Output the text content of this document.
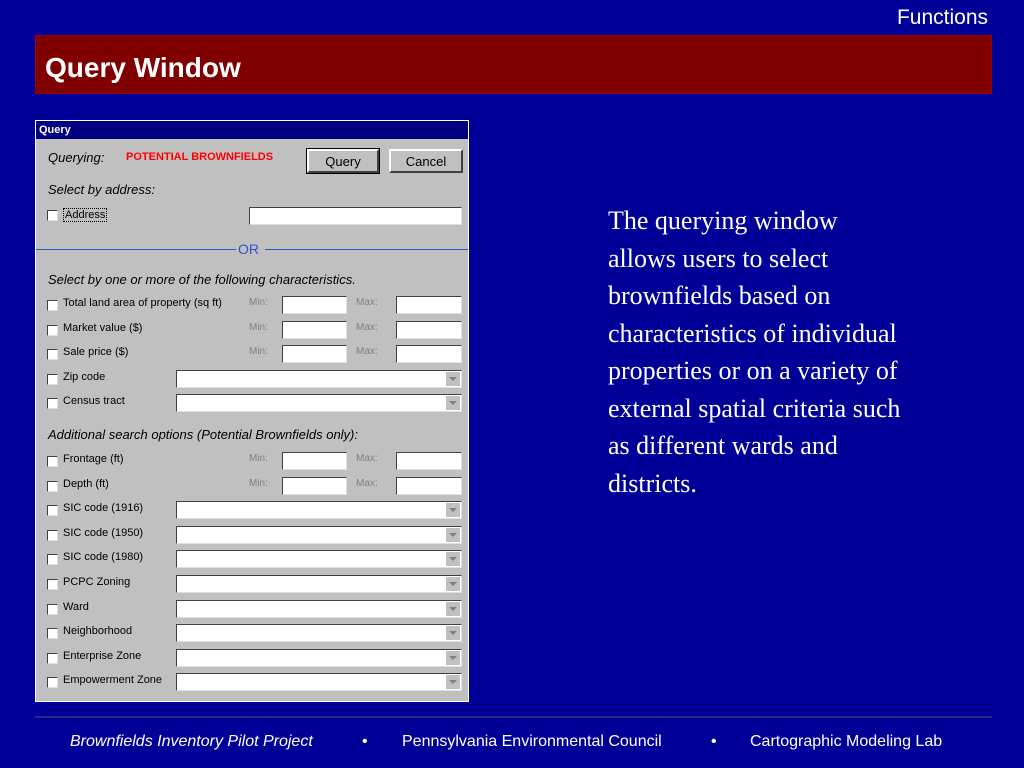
Functions
Query Window
Query
Querying: POTENTIAL BROWNFIELDS	Query	Cancel
Select by address:
Address
OR
Select by one or more of the following characteristics.
Total land area of property (sq ft)	Min:	Max:
Market value ($)	Min:	Max:
Sale price ($)	Min:	Max:
Zip code
Census tract
Additional search options (Potential Brownfields only):
Frontage (ft)	Min:	Max:
Depth (ft)	Min:	Max:
SIC code (1916)
SIC code (1950)
SIC code (1980)
PCPC Zoning
Ward
Neighborhood
Enterprise Zone
Empowerment Zone
The querying window allows users to select brownfields based on characteristics of individual properties or on a variety of external spatial criteria such as different wards and districts.
Brownfields Inventory Pilot Project	• Pennsylvania Environmental Council	• Cartographic Modeling Lab
